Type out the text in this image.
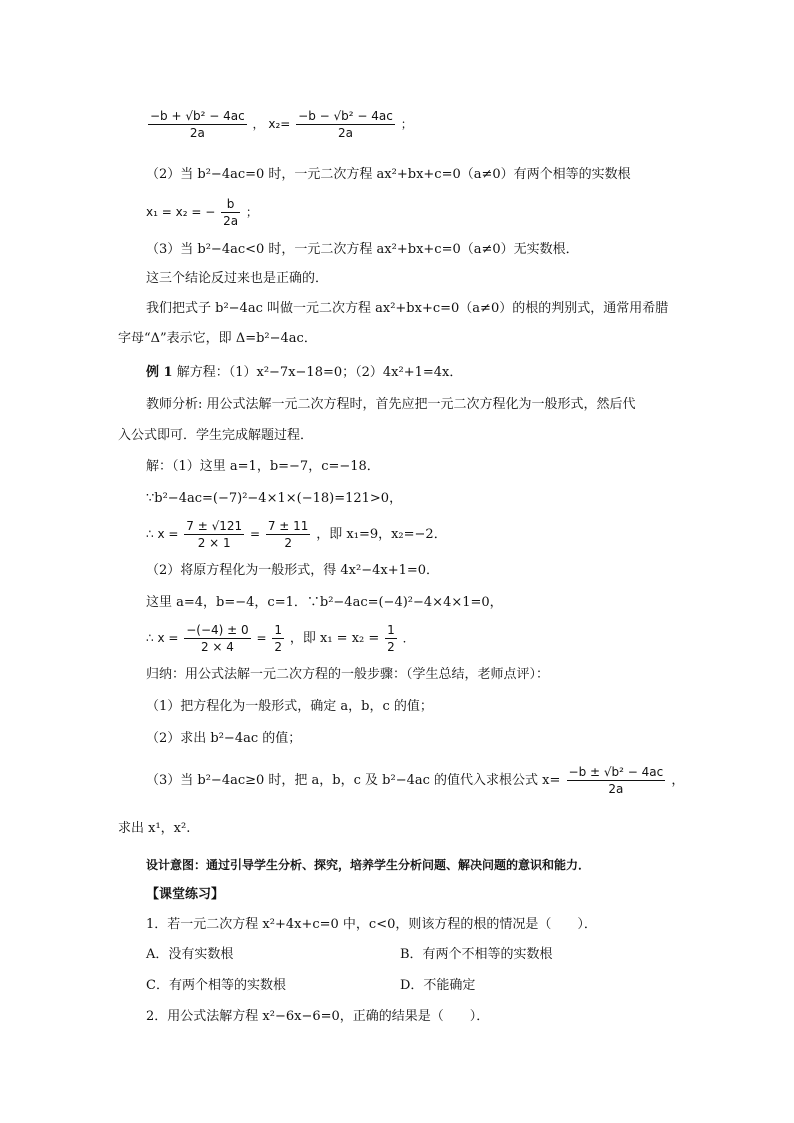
$\frac{\text{−b + √b² − 4ac}}{2a}$ ， $x_2= \frac{\text{−b − √b² − 4ac}}{2a}$ ；
（2）当 b²−4ac=0 时，一元二次方程 ax²+bx+c=0（a≠0）有两个相等的实数根
x₁ = x₂ = − $\frac{b}{2a}$ ；
（3）当 b²−4ac<0 时，一元二次方程 ax²+bx+c=0（a≠0）无实数根．
这三个结论反过来也是正确的．
我们把式子 b²−4ac 叫做一元二次方程 ax²+bx+c=0（a≠0）的根的判别式，通常用希腊
字母“Δ”表示它，即 Δ=b²−4ac．
例 1 解方程：（1）x²−7x−18=0；（2）4x²+1=4x．
教师分析: 用公式法解一元二次方程时，首先应把一元二次方程化为一般形式，然后代
入公式即可．学生完成解题过程．
解：（1）这里 a=1，b=−7，c=−18．
∵b²−4ac=(−7)²−4×1×(−18)=121>0，
∴ $x = \frac{7 \pm √121}{2 \times 1} = \frac{7 \pm 11}{2}$ ，即 x₁=9，x₂=−2．
（2）将原方程化为一般形式，得 4x²−4x+1=0．
这里 a=4，b=−4，c=1．∵b²−4ac=(−4)²−4×4×1=0，
∴ $x = \frac{-(-4) \pm 0}{2 \times 4} = \frac{1}{2}$ ，即 $x_1 = x_2 = \frac{1}{2}$ ．
归纳：用公式法解一元二次方程的一般步骤：（学生总结，老师点评）：
（1）把方程化为一般形式，确定 a，b，c 的值；
（2）求出 b²−4ac 的值；
（3）当 b²−4ac≥0 时，把 a，b，c 及 b²−4ac 的值代入求根公式 $x= \frac{\text{−b ± √b² − 4ac}}{2a}$ ，
求出 x¹，x².
设计意图：通过引导学生分析、探究，培养学生分析问题、解决问题的意识和能力．
【课堂练习】
1．若一元二次方程 x²+4x+c=0 中，c<0，则该方程的根的情况是（　　）．
A．没有实数根	B．有两个不相等的实数根
C．有两个相等的实数根	D．不能确定
2．用公式法解方程 x²−6x−6=0，正确的结果是（　　）．
